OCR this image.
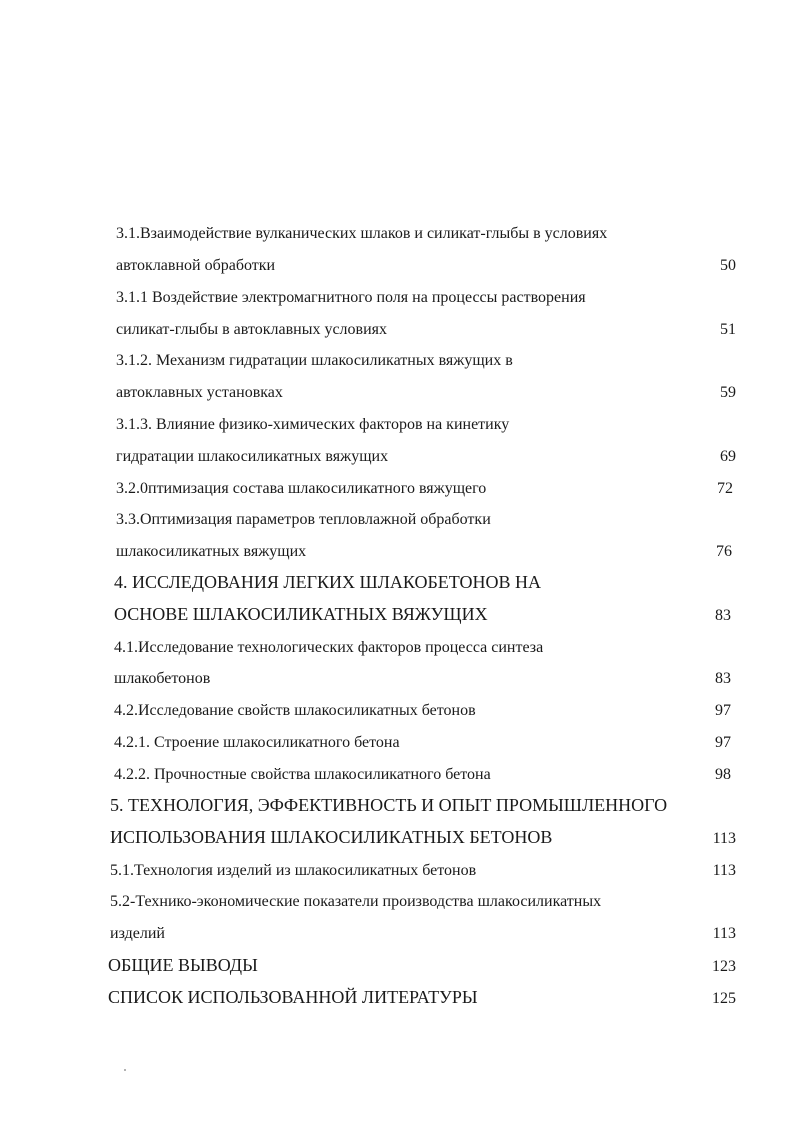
3.1.Взаимодействие вулканических шлаков и силикат-глыбы в условиях
автоклавной обработки	50
3.1.1 Воздействие электромагнитного поля на процессы растворения
силикат-глыбы в автоклавных условиях	51
3.1.2. Механизм гидратации шлакосиликатных вяжущих в
автоклавных установках	59
3.1.3. Влияние физико-химических факторов на кинетику
гидратации шлакосиликатных вяжущих	69
3.2.0птимизация состава шлакосиликатного вяжущего	72
3.3.Оптимизация параметров тепловлажной обработки
шлакосиликатных вяжущих	76
4. ИССЛЕДОВАНИЯ ЛЕГКИХ ШЛАКОБЕТОНОВ НА
ОСНОВЕ ШЛАКОСИЛИКАТНЫХ ВЯЖУЩИХ	83
4.1.Исследование технологических факторов процесса синтеза
шлакобетонов	83
4.2.Исследование свойств шлакосиликатных бетонов	97
4.2.1. Строение шлакосиликатного бетона	97
4.2.2. Прочностные свойства шлакосиликатного бетона	98
5. ТЕХНОЛОГИЯ, ЭФФЕКТИВНОСТЬ И ОПЫТ ПРОМЫШЛЕННОГО
ИСПОЛЬЗОВАНИЯ ШЛАКОСИЛИКАТНЫХ БЕТОНОВ	113
5.1.Технология изделий из шлакосиликатных бетонов	113
5.2-Технико-экономические показатели производства шлакосиликатных
изделий	113
ОБЩИЕ ВЫВОДЫ	123
СПИСОК ИСПОЛЬЗОВАННОЙ ЛИТЕРАТУРЫ	125
